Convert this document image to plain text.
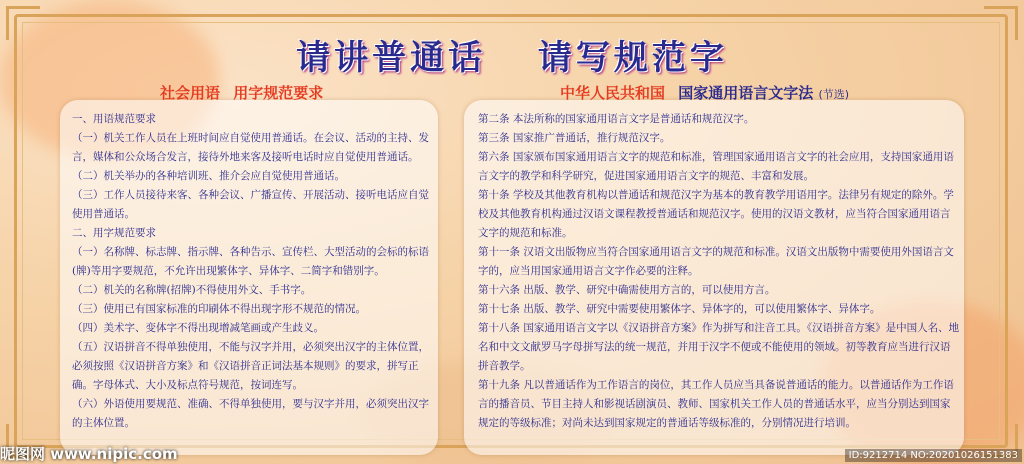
请讲普通话 请写规范字
社会用语 用字规范要求	中华人民共和国 国家通用语言文字法 (节选)

一、用语规范要求

（一）机关工作人员在上班时间应自觉使用普通话。在会议、活动的主持、发言，媒体和公众场合发言，接待外地来客及接听电话时应自觉使用普通话。

（二）机关举办的各种培训班、推介会应自觉使用普通话。

（三）工作人员接待来客、各种会议、广播宣传、开展活动、接听电话应自觉使用普通话。

二、用字规范要求

（一）名称牌、标志牌、指示牌、各种告示、宣传栏、大型活动的会标的标语(牌)等用字要规范，不允许出现繁体字、异体字、二简字和错别字。

（二）机关的名称牌(招牌)不得使用外文、手书字。

（三）使用已有国家标准的印刷体不得出现字形不规范的情况。

（四）美术字、变体字不得出现增减笔画或产生歧义。

（五）汉语拼音不得单独使用，不能与汉字并用，必须突出汉字的主体位置，必须按照《汉语拼音方案》和《汉语拼音正词法基本规则》的要求，拼写正确。字母体式、大小及标点符号规范，按词连写。

（六）外语使用要规范、准确、不得单独使用，要与汉字并用，必须突出汉字的主体位置。

第二条 本法所称的国家通用语言文字是普通话和规范汉字。

第三条 国家推广普通话，推行规范汉字。

第六条 国家颁布国家通用语言文字的规范和标准，管理国家通用语言文字的社会应用，支持国家通用语言文字的教学和科学研究，促进国家通用语言文字的规范、丰富和发展。

第十条 学校及其他教育机构以普通话和规范汉字为基本的教育教学用语用字。法律另有规定的除外。学校及其他教育机构通过汉语文课程教授普通话和规范汉字。使用的汉语文教材，应当符合国家通用语言文字的规范和标准。

第十一条 汉语文出版物应当符合国家通用语言文字的规范和标准。汉语文出版物中需要使用外国语言文字的，应当用国家通用语言文字作必要的注释。

第十六条 出版、教学、研究中确需使用方言的，可以使用方言。

第十七条 出版、教学、研究中需要使用繁体字、异体字的，可以使用繁体字、异体字。

第十八条 国家通用语言文字以《汉语拼音方案》作为拼写和注音工具。《汉语拼音方案》是中国人名、地名和中文文献罗马字母拼写法的统一规范，并用于汉字不便或不能使用的领域。初等教育应当进行汉语拼音教学。

第十九条 凡以普通话作为工作语言的岗位，其工作人员应当具备说普通话的能力。以普通话作为工作语言的播音员、节目主持人和影视话剧演员、教师、国家机关工作人员的普通话水平，应当分别达到国家规定的等级标准；对尚未达到国家规定的普通话等级标准的，分别情况进行培训。

昵图网 www.nipic.com	ID:9212714 NO:20201026151383
